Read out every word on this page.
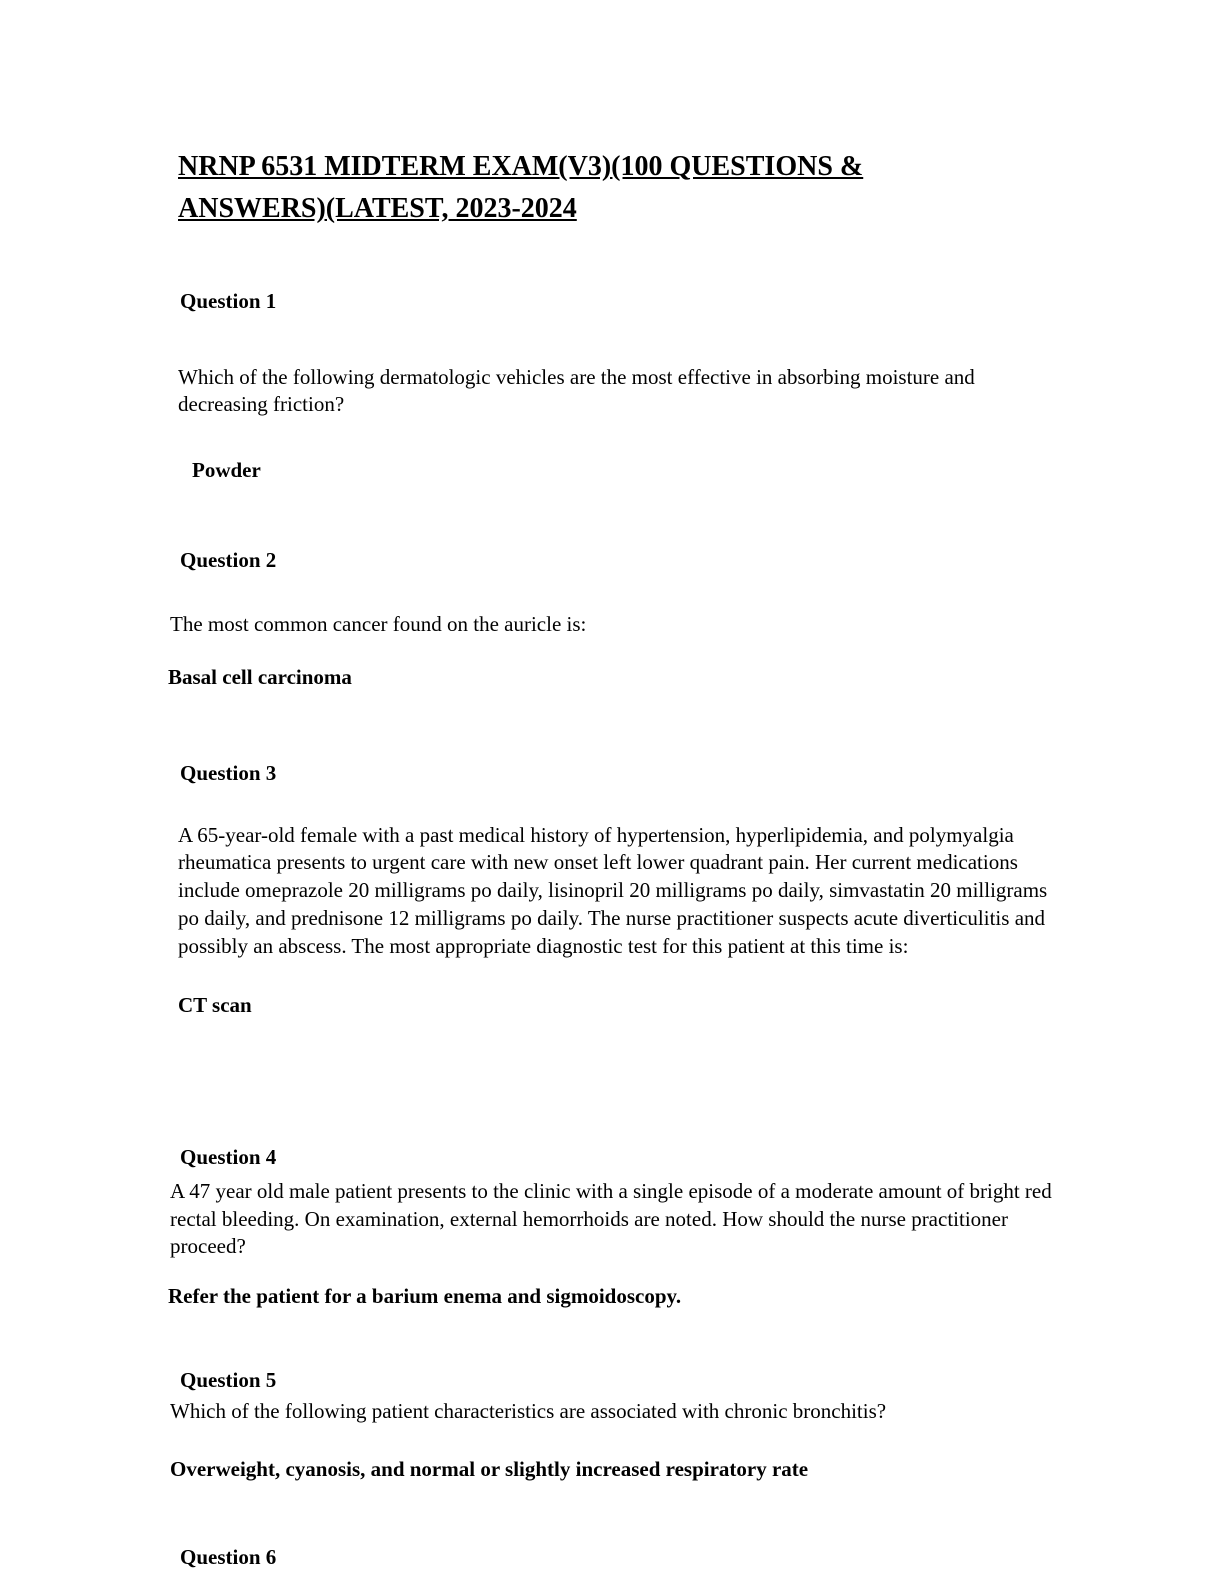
NRNP 6531 MIDTERM EXAM(V3)(100 QUESTIONS &
ANSWERS)(LATEST, 2023-2024
Question 1

Which of the following dermatologic vehicles are the most effective in absorbing moisture and decreasing friction?

Powder

Question 2

The most common cancer found on the auricle is:

Basal cell carcinoma

Question 3

A 65-year-old female with a past medical history of hypertension, hyperlipidemia, and polymyalgia rheumatica presents to urgent care with new onset left lower quadrant pain. Her current medications include omeprazole 20 milligrams po daily, lisinopril 20 milligrams po daily, simvastatin 20 milligrams po daily, and prednisone 12 milligrams po daily. The nurse practitioner suspects acute diverticulitis and possibly an abscess. The most appropriate diagnostic test for this patient at this time is:

CT scan

Question 4

A 47 year old male patient presents to the clinic with a single episode of a moderate amount of bright red rectal bleeding. On examination, external hemorrhoids are noted. How should the nurse practitioner proceed?

Refer the patient for a barium enema and sigmoidoscopy.

Question 5

Which of the following patient characteristics are associated with chronic bronchitis?

Overweight, cyanosis, and normal or slightly increased respiratory rate

Question 6
